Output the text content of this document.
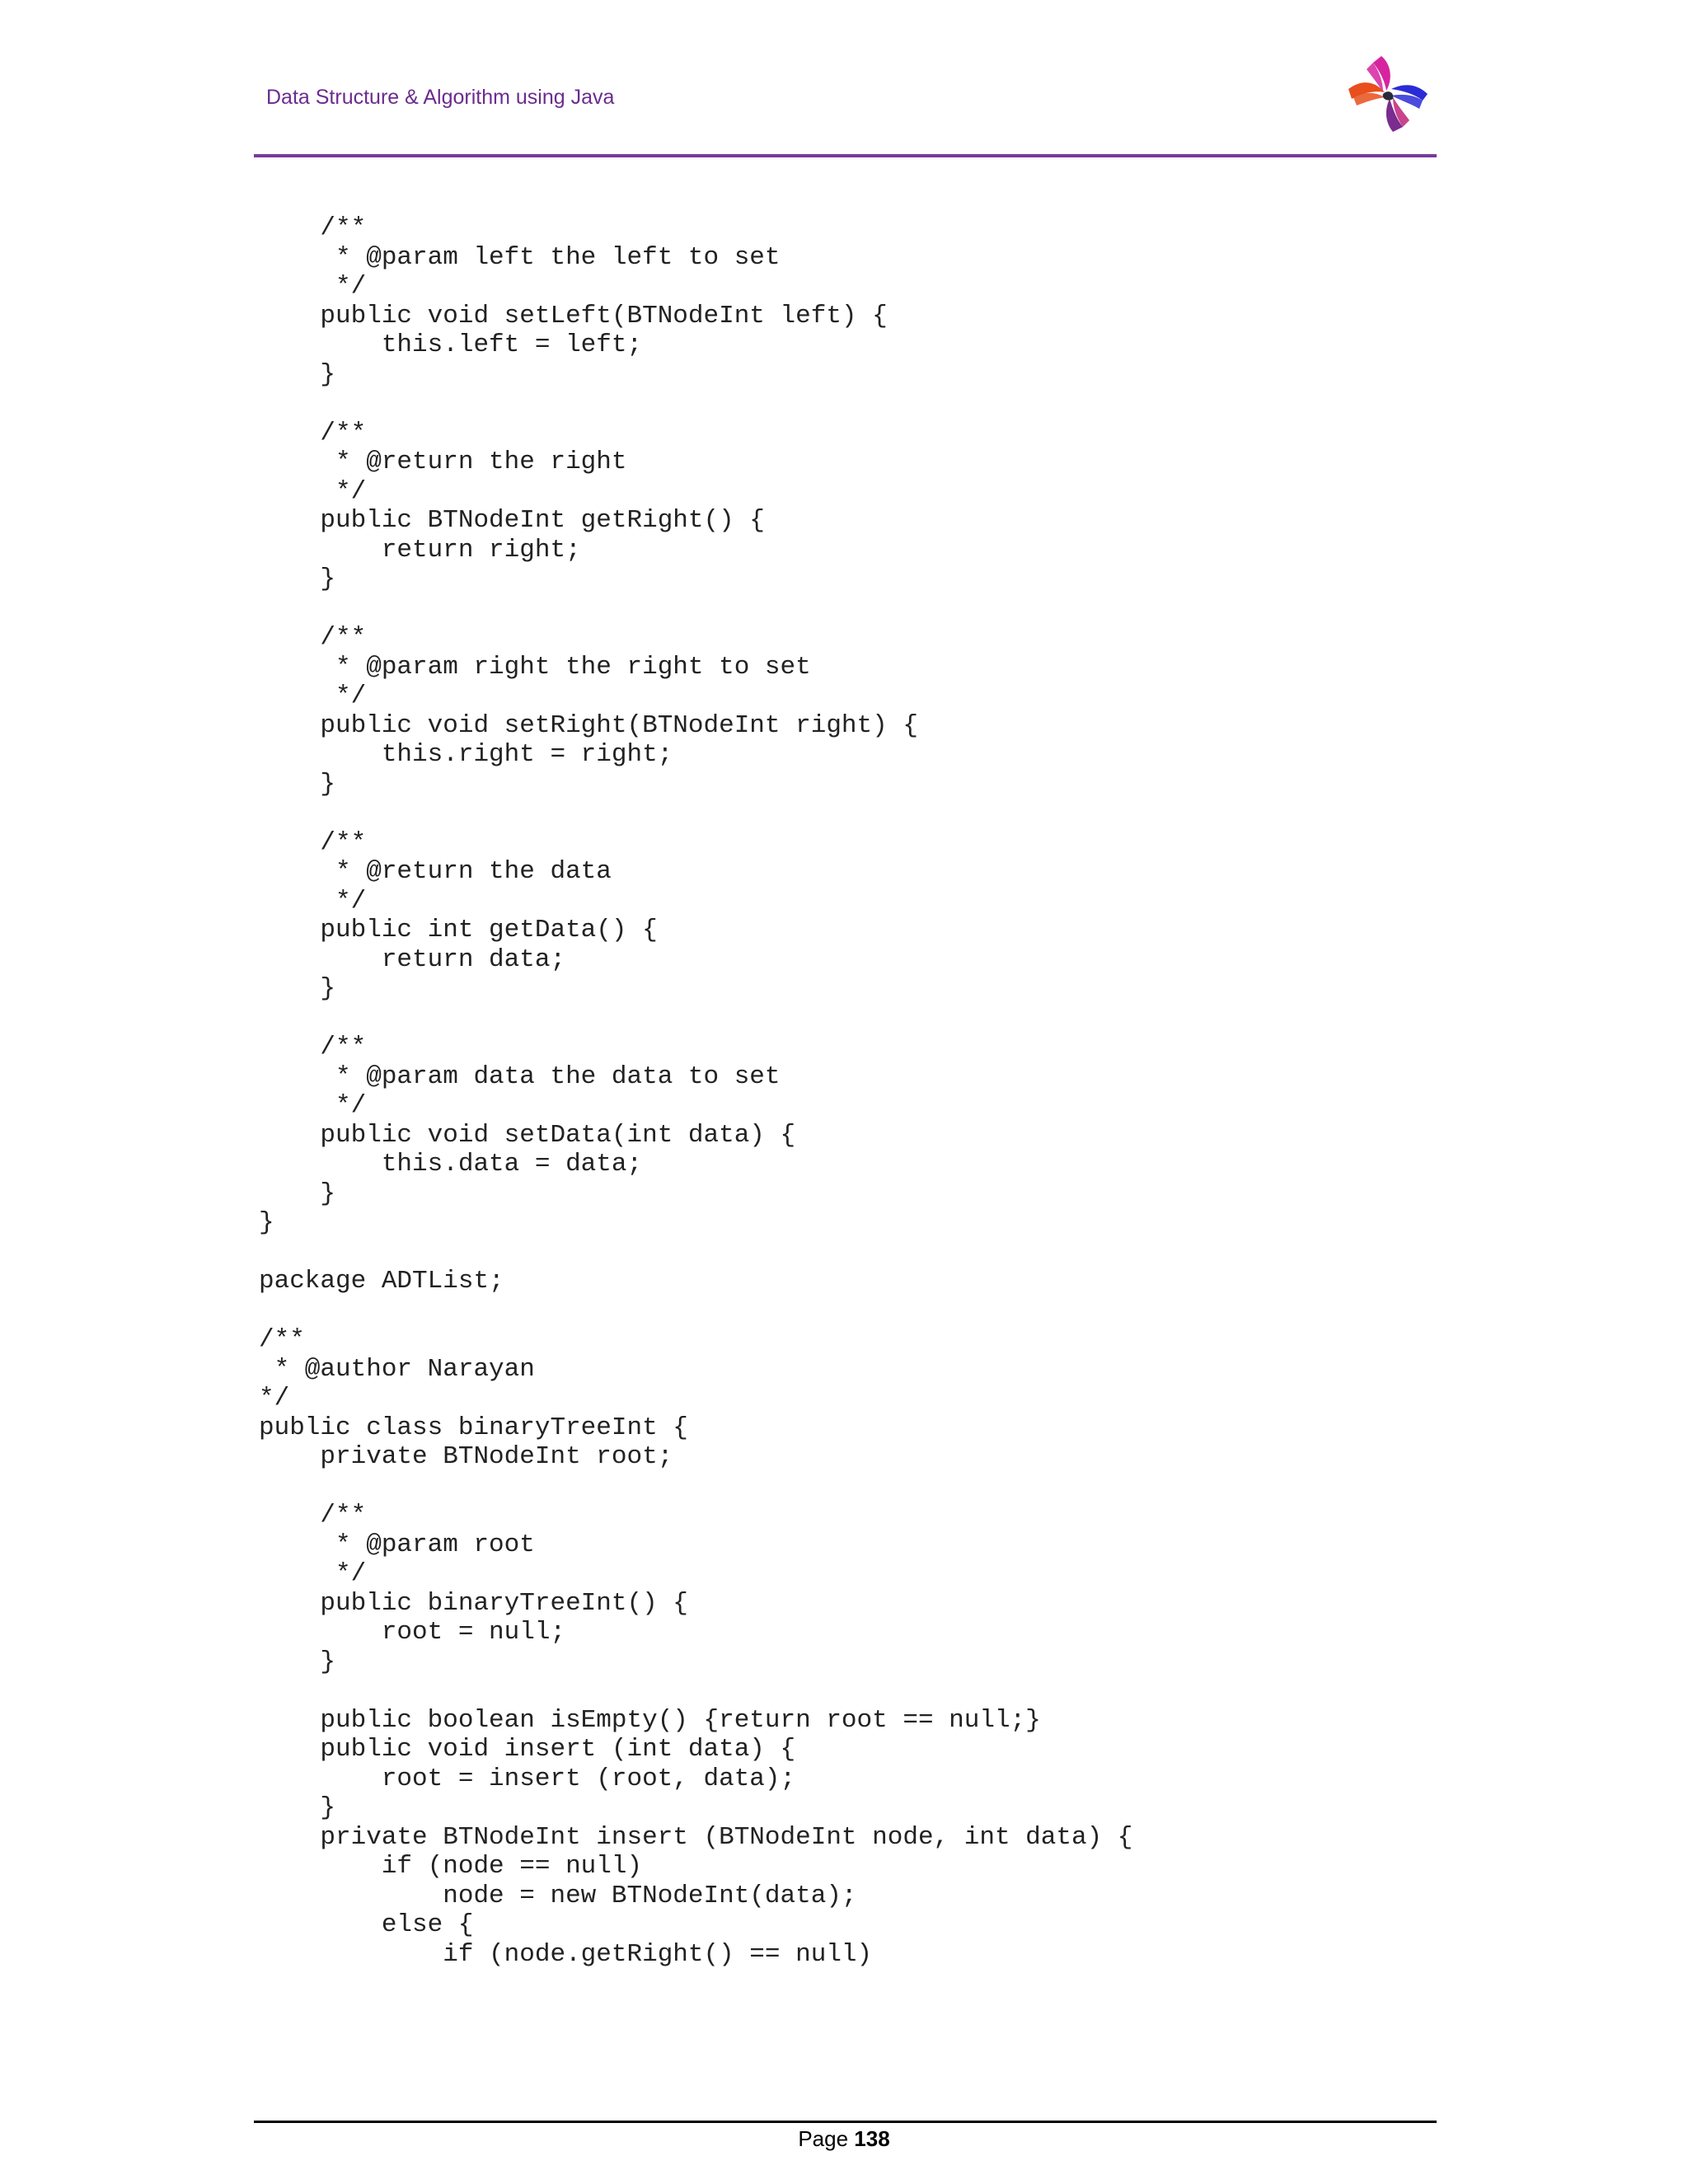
Data Structure & Algorithm using Java
	/**
	* @param left the left to set
	*/
	public void setLeft(BTNodeInt left) {
		this.left = left;
	}

	/**
	* @return the right
	*/
	public BTNodeInt getRight() {
		return right;
	}

	/**
	* @param right the right to set
	*/
	public void setRight(BTNodeInt right) {
		this.right = right;
	}

	/**
	* @return the data
	*/
	public int getData() {
		return data;
	}

	/**
	* @param data the data to set
	*/
	public void setData(int data) {
		this.data = data;
	}
}

package ADTList;

/**
* @author Narayan
*/
public class binaryTreeInt {
	private BTNodeInt root;

	/**
	* @param root
	*/
	public binaryTreeInt() {
		root = null;
	}

	public boolean isEmpty() {return root == null;}
	public void insert (int data) {
		root = insert (root, data);
	}
	private BTNodeInt insert (BTNodeInt node, int data) {
		if (node == null)
			node = new BTNodeInt(data);
		else {
			if (node.getRight() == null)
Page 138
